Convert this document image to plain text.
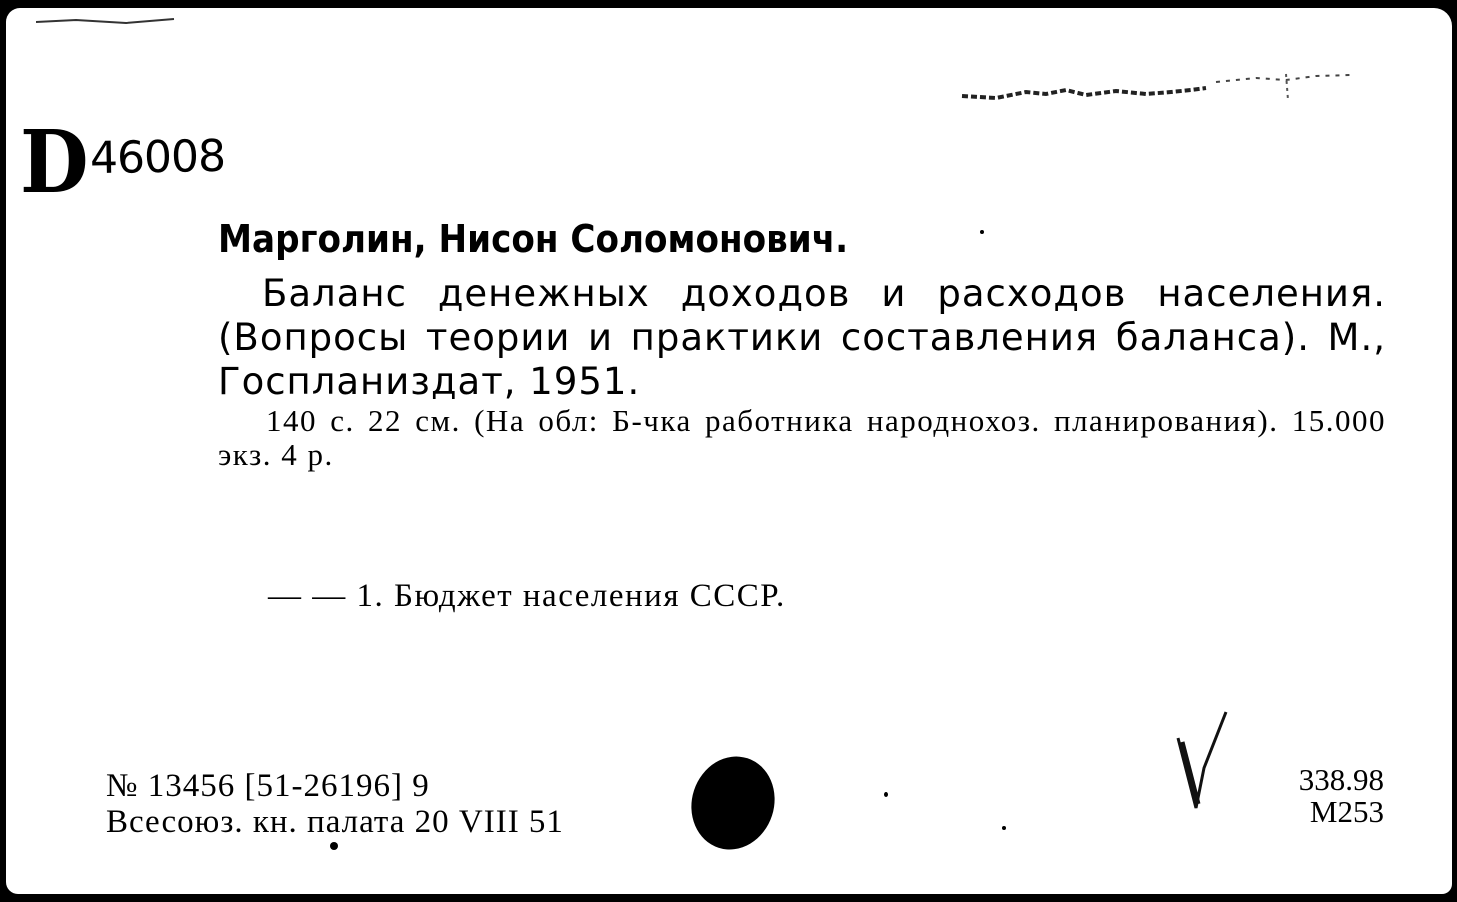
D 46008
Марголин, Нисон Соломонович.
Баланс денежных доходов и расходов населения. (Вопросы теории и практики составления баланса). М., Госпланиздат, 1951.
140 с. 22 см. (На обл: Б-чка работника народнохоз. планирования). 15.000 экз. 4 р.
— — 1. Бюджет населения СССР.
№ 13456 [51-26196] 9
Всесоюз. кн. палата 20 VIII 51
338.98
М253
